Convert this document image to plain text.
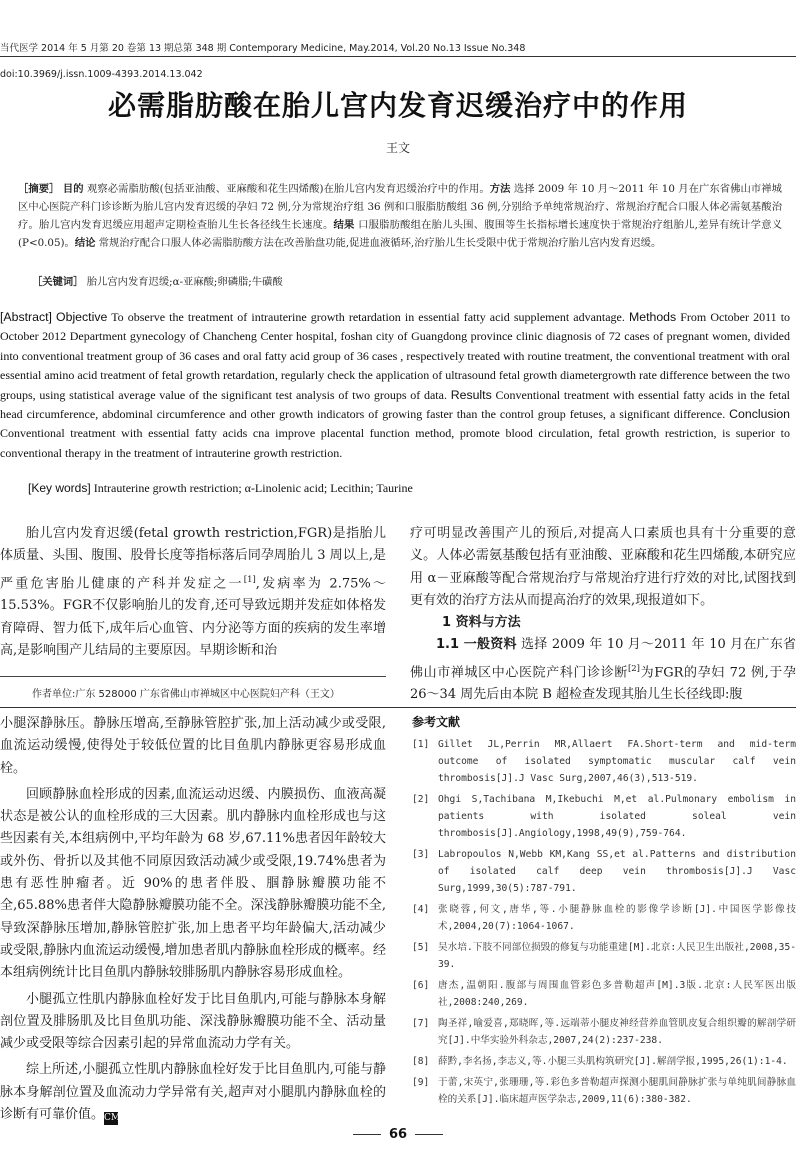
当代医学 2014 年 5 月第 20 卷第 13 期总第 348 期 Contemporary Medicine, May.2014, Vol.20 No.13 Issue No.348
doi:10.3969/j.issn.1009-4393.2014.13.042
必需脂肪酸在胎儿宫内发育迟缓治疗中的作用
王文
［摘要］ 目的 观察必需脂肪酸(包括亚油酸、亚麻酸和花生四烯酸)在胎儿宫内发育迟缓治疗中的作用。方法 选择 2009 年 10 月～2011 年 10 月在广东省佛山市禅城区中心医院产科门诊诊断为胎儿宫内发育迟缓的孕妇 72 例,分为常规治疗组 36 例和口服脂肪酸组 36 例,分别给予单纯常规治疗、常规治疗配合口服人体必需氨基酸治疗。胎儿宫内发育迟缓应用超声定期检查胎儿生长各径线生长速度。结果 口服脂肪酸组在胎儿头围、腹围等生长指标增长速度快于常规治疗组胎儿,差异有统计学意义(P<0.05)。结论 常规治疗配合口服人体必需脂肪酸方法在改善胎盘功能,促进血液循环,治疗胎儿生长受限中优于常规治疗胎儿宫内发育迟缓。
［关键词］ 胎儿宫内发育迟缓;α-亚麻酸;卵磷脂;牛磺酸
[Abstract] Objective To observe the treatment of intrauterine growth retardation in essential fatty acid supplement advantage. Methods From October 2011 to October 2012 Department gynecology of Chancheng Center hospital, foshan city of Guangdong province clinic diagnosis of 72 cases of pregnant women, divided into conventional treatment group of 36 cases and oral fatty acid group of 36 cases , respectively treated with routine treatment, the conventional treatment with oral essential amino acid treatment of fetal growth retardation, regularly check the application of ultrasound fetal growth diametergrowth rate difference between the two groups, using statistical average value of the significant test analysis of two groups of data. Results Conventional treatment with essential fatty acids in the fetal head circumference, abdominal circumference and other growth indicators of growing faster than the control group fetuses, a significant difference. Conclusion Conventional treatment with essential fatty acids cna improve placental function method, promote blood circulation, fetal growth restriction, is superior to conventional therapy in the treatment of intrauterine growth restriction.
[Key words] Intrauterine growth restriction; α-Linolenic acid; Lecithin; Taurine

胎儿宫内发育迟缓(fetal growth restriction,FGR)是指胎儿体质量、头围、腹围、股骨长度等指标落后同孕周胎儿 3 周以上,是严重危害胎儿健康的产科并发症之一[1],发病率为 2.75%～15.53%。FGR不仅影响胎儿的发育,还可导致远期并发症如体格发育障碍、智力低下,成年后心血管、内分泌等方面的疾病的发生率增高,是影响围产儿结局的主要原因。早期诊断和治

作者单位:广东 528000 广东省佛山市禅城区中心医院妇产科（王文）

疗可明显改善围产儿的预后,对提高人口素质也具有十分重要的意义。人体必需氨基酸包括有亚油酸、亚麻酸和花生四烯酸,本研究应用 α－亚麻酸等配合常规治疗与常规治疗进行疗效的对比,试图找到更有效的治疗方法从而提高治疗的效果,现报道如下。

1 资料与方法

1.1 一般资料 选择 2009 年 10 月～2011 年 10 月在广东省佛山市禅城区中心医院产科门诊诊断[2]为FGR的孕妇 72 例,于孕 26～34 周先后由本院 B 超检查发现其胎儿生长径线即:腹

小腿深静脉压。静脉压增高,至静脉管腔扩张,加上活动减少或受限,血流运动缓慢,使得处于较低位置的比目鱼肌内静脉更容易形成血栓。

回顾静脉血栓形成的因素,血流运动迟缓、内膜损伤、血液高凝状态是被公认的血栓形成的三大因素。肌内静脉内血栓形成也与这些因素有关,本组病例中,平均年龄为 68 岁,67.11%患者因年龄较大或外伤、骨折以及其他不同原因致活动减少或受限,19.74%患者为患有恶性肿瘤者。近 90%的患者伴股、腘静脉瓣膜功能不全,65.88%患者伴大隐静脉瓣膜功能不全。深浅静脉瓣膜功能不全,导致深静脉压增加,静脉管腔扩张,加上患者平均年龄偏大,活动减少或受限,静脉内血流运动缓慢,增加患者肌内静脉血栓形成的概率。经本组病例统计比目鱼肌内静脉较腓肠肌内静脉容易形成血栓。

小腿孤立性肌内静脉血栓好发于比目鱼肌内,可能与静脉本身解剖位置及腓肠肌及比目鱼肌功能、深浅静脉瓣膜功能不全、活动量减少或受限等综合因素引起的异常血流动力学有关。

综上所述,小腿孤立性肌内静脉血栓好发于比目鱼肌内,可能与静脉本身解剖位置及血流动力学异常有关,超声对小腿肌内静脉血栓的诊断有可靠价值。CM

参考文献
[1] Gillet JL,Perrin MR,Allaert FA.Short-term and mid-term outcome of isolated symptomatic muscular calf vein thrombosis[J].J Vasc Surg,2007,46(3),513-519.
[2] Ohgi S,Tachibana M,Ikebuchi M,et al.Pulmonary embolism in patients with isolated soleal vein thrombosis[J].Angiology,1998,49(9),759-764.
[3] Labropoulos N,Webb KM,Kang SS,et al.Patterns and distribution of isolated calf deep vein thrombosis[J].J Vasc Surg,1999,30(5):787-791.
[4] 张晓蓉,何文,唐华,等.小腿静脉血栓的影像学诊断[J].中国医学影像技术,2004,20(7):1064-1067.
[5] 吴水培.下肢不同部位损毁的修复与功能重建[M].北京:人民卫生出版社,2008,35-39.
[6] 唐杰,温朝阳.腹部与周围血管彩色多普勒超声[M].3版.北京:人民军医出版社,2008:240,269.
[7] 陶圣祥,喻爱喜,郑晓晖,等.远端蒂小腿皮神经营养血管肌皮复合组织瓣的解剖学研究[J].中华实验外科杂志,2007,24(2):237-238.
[8] 薛黔,李名扬,李志义,等.小腿三头肌构筑研究[J].解剖学报,1995,26(1):1-4.
[9] 于蕾,宋英宁,张珊珊,等.彩色多普勒超声探测小腿肌间静脉扩张与单纯肌间静脉血栓的关系[J].临床超声医学杂志,2009,11(6):380-382.
66
